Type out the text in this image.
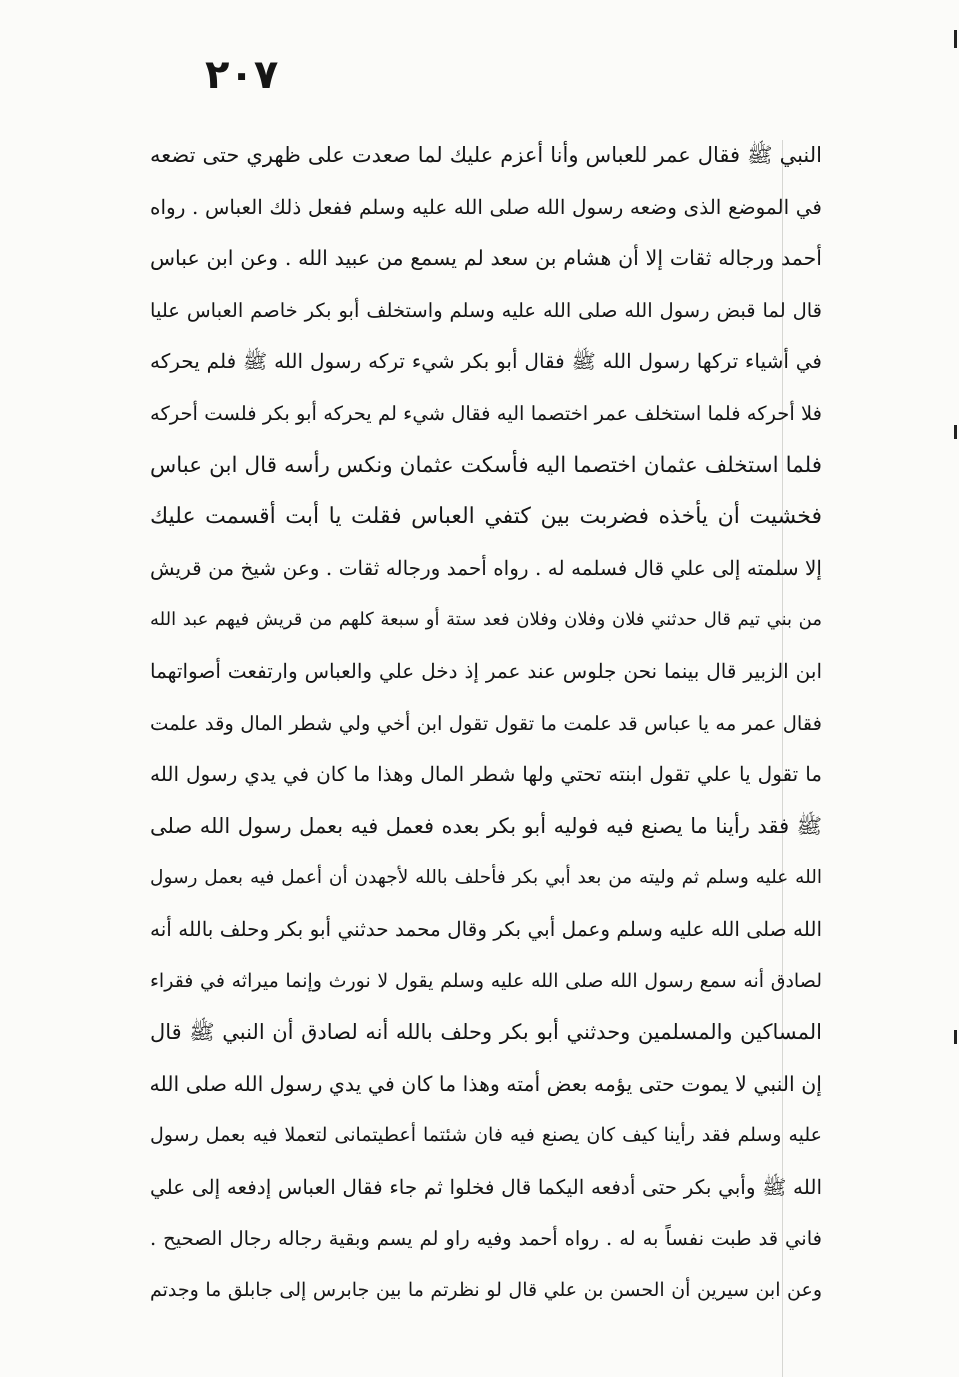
٢٠٧
النبي ﷺ فقال عمر للعباس وأنا أعزم عليك لما صعدت على ظهري حتى تضعه
في الموضع الذى وضعه رسول الله صلى الله عليه وسلم ففعل ذلك العباس . رواه
أحمد ورجاله ثقات إلا أن هشام بن سعد لم يسمع من عبيد الله . وعن ابن عباس
قال لما قبض رسول الله صلى الله عليه وسلم واستخلف أبو بكر خاصم العباس عليا
في أشياء تركها رسول الله ﷺ فقال أبو بكر شيء تركه رسول الله ﷺ فلم يحركه
فلا أحركه فلما استخلف عمر اختصما اليه فقال شيء لم يحركه أبو بكر فلست أحركه
فلما استخلف عثمان اختصما اليه فأسكت عثمان ونكس رأسه قال ابن عباس
فخشيت أن يأخذه فضربت بين كتفي العباس فقلت يا أبت أقسمت عليك
إلا سلمته إلى علي قال فسلمه له . رواه أحمد ورجاله ثقات . وعن شيخ من قريش
من بني تيم قال حدثني فلان وفلان وفلان فعد ستة أو سبعة كلهم من قريش فيهم عبد الله
ابن الزبير قال بينما نحن جلوس عند عمر إذ دخل علي والعباس وارتفعت أصواتهما
فقال عمر مه يا عباس قد علمت ما تقول تقول ابن أخي ولي شطر المال وقد علمت
ما تقول يا علي تقول ابنته تحتي ولها شطر المال وهذا ما كان في يدي رسول الله
ﷺ فقد رأينا ما يصنع فيه فوليه أبو بكر بعده فعمل فيه بعمل رسول الله صلى
الله عليه وسلم ثم وليته من بعد أبي بكر فأحلف بالله لأجهدن أن أعمل فيه بعمل رسول
الله صلى الله عليه وسلم وعمل أبي بكر وقال محمد حدثني أبو بكر وحلف بالله أنه
لصادق أنه سمع رسول الله صلى الله عليه وسلم يقول لا نورث وإنما ميراثه في فقراء
المساكين والمسلمين وحدثني أبو بكر وحلف بالله أنه لصادق أن النبي ﷺ قال
إن النبي لا يموت حتى يؤمه بعض أمته وهذا ما كان في يدي رسول الله صلى الله
عليه وسلم فقد رأينا كيف كان يصنع فيه فان شئتما أعطيتمانى لتعملا فيه بعمل رسول
الله ﷺ وأبي بكر حتى أدفعه اليكما قال فخلوا ثم جاء فقال العباس إدفعه إلى علي
فاني قد طبت نفساً به له . رواه أحمد وفيه راو لم يسم وبقية رجاله رجال الصحيح .
وعن ابن سيرين أن الحسن بن علي قال لو نظرتم ما بين جابرس إلى جابلق ما وجدتم
